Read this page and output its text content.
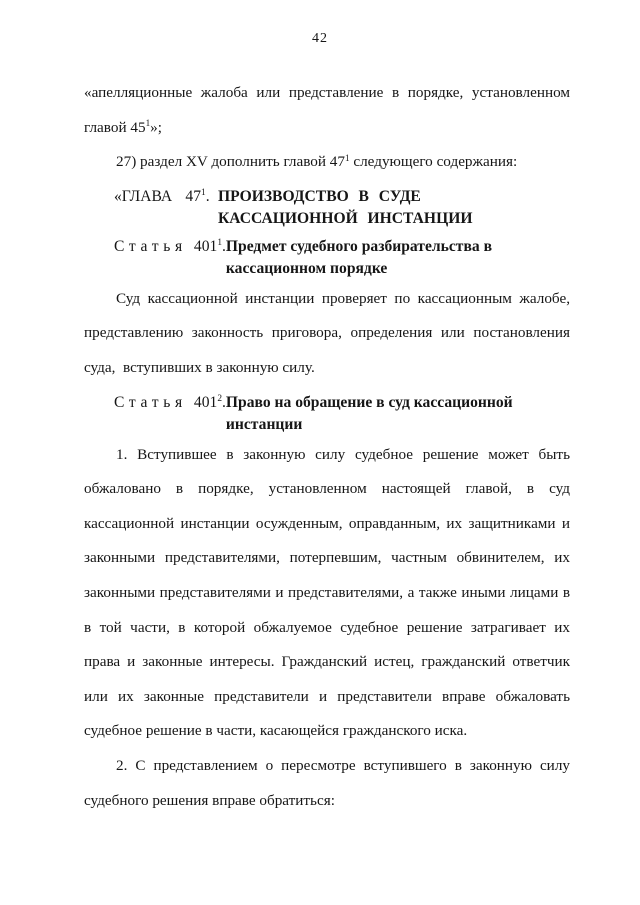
42
«апелляционные жалоба или представление в порядке, установленном
главой $45^1$»;
27) раздел XV дополнить главой $47^1$ следующего содержания:
«ГЛАВА $47^1$. ПРОИЗВОДСТВО В СУДЕ
КАССАЦИОННОЙ ИНСТАНЦИИ
Статья $401^1$. Предмет судебного разбирательства в
кассационном порядке
Суд кассационной инстанции проверяет по кассационным жалобе,
представлению законность приговора, определения или постановления
суда,  вступивших в законную силу.
Статья $401^2$. Право на обращение в суд кассационной
инстанции
1. Вступившее в законную силу судебное решение может быть
обжаловано в порядке, установленном настоящей главой, в суд
кассационной инстанции осужденным, оправданным, их защитниками и
законными представителями, потерпевшим, частным обвинителем, их
законными представителями и представителями, а также иными лицами в
в той части, в которой обжалуемое судебное решение затрагивает их
права и законные интересы. Гражданский истец, гражданский ответчик
или их законные представители и представители вправе обжаловать
судебное решение в части, касающейся гражданского иска.
2. С представлением о пересмотре вступившего в законную силу
судебного решения вправе обратиться:
